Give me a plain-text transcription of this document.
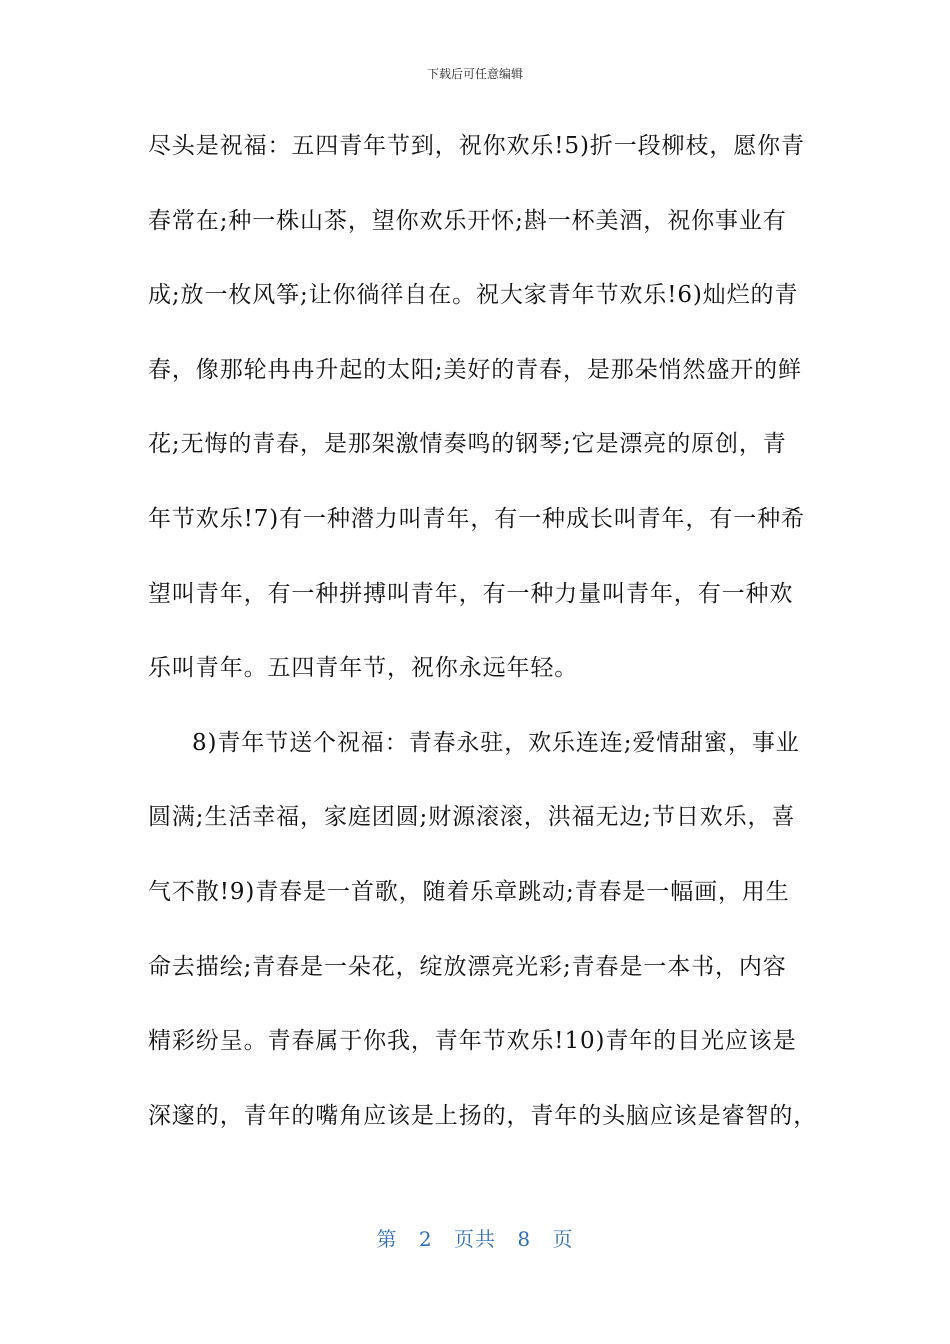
下载后可任意编辑
尽头是祝福：五四青年节到，祝你欢乐!5)折一段柳枝，愿你青
春常在;种一株山茶，望你欢乐开怀;斟一杯美酒，祝你事业有
成;放一枚风筝;让你徜徉自在。祝大家青年节欢乐!6)灿烂的青
春，像那轮冉冉升起的太阳;美好的青春，是那朵悄然盛开的鲜
花;无悔的青春，是那架激情奏鸣的钢琴;它是漂亮的原创，青
年节欢乐!7)有一种潜力叫青年，有一种成长叫青年，有一种希
望叫青年，有一种拼搏叫青年，有一种力量叫青年，有一种欢
乐叫青年。五四青年节，祝你永远年轻。
8)青年节送个祝福：青春永驻，欢乐连连;爱情甜蜜，事业
圆满;生活幸福，家庭团圆;财源滚滚，洪福无边;节日欢乐，喜
气不散!9)青春是一首歌，随着乐章跳动;青春是一幅画，用生
命去描绘;青春是一朵花，绽放漂亮光彩;青春是一本书，内容
精彩纷呈。青春属于你我，青年节欢乐!10)青年的目光应该是
深邃的，青年的嘴角应该是上扬的，青年的头脑应该是睿智的，
第 2 页共 8 页
